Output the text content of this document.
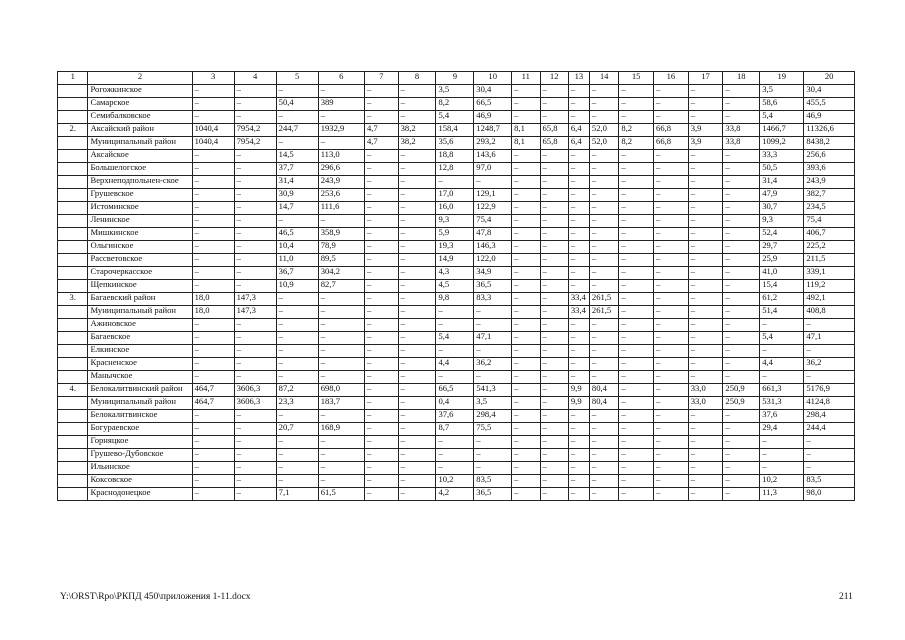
1	2	3	4	5	6	7	8	9	10	11	12	13	14	15	16	17	18	19	20
	Рогожкинское	–	–	–	–	–	–	3,5	30,4	–	–	–	–	–	–	–	–	3,5	30,4
	Самарское	–	–	50,4	389	–	–	8,2	66,5	–	–	–	–	–	–	–	–	58,6	455,5
	Семибалковское	–	–	–	–	–	–	5,4	46,9	–	–	–	–	–	–	–	–	5,4	46,9
2.	Аксайский район	1040,4	7954,2	244,7	1932,9	4,7	38,2	158,4	1248,7	8,1	65,8	6,4	52,0	8,2	66,8	3,9	33,8	1466,7	11326,6
	Муниципальный район	1040,4	7954,2	–	–	4,7	38,2	35,6	293,2	8,1	65,8	6,4	52,0	8,2	66,8	3,9	33,8	1099,2	8438,2
	Аксайское	–	–	14,5	113,0	–	–	18,8	143,6	–	–	–	–	–	–	–	–	33,3	256,6
	Большелогское	–	–	37,7	296,6	–	–	12,8	97,0	–	–	–	–	–	–	–	–	50,5	393,6
	Верхнеподпольнен-ское	–	–	31,4	243,9	–	–	–	–	–	–	–	–	–	–	–	–	31,4	243,9
	Грушевское	–	–	30,9	253,6	–	–	17,0	129,1	–	–	–	–	–	–	–	–	47,9	382,7
	Истоминское	–	–	14,7	111,6	–	–	16,0	122,9	–	–	–	–	–	–	–	–	30,7	234,5
	Ленинское	–	–	–	–	–	–	9,3	75,4	–	–	–	–	–	–	–	–	9,3	75,4
	Мишкинское	–	–	46,5	358,9	–	–	5,9	47,8	–	–	–	–	–	–	–	–	52,4	406,7
	Ольгинское	–	–	10,4	78,9	–	–	19,3	146,3	–	–	–	–	–	–	–	–	29,7	225,2
	Рассветовское	–	–	11,0	89,5	–	–	14,9	122,0	–	–	–	–	–	–	–	–	25,9	211,5
	Старочеркасское	–	–	36,7	304,2	–	–	4,3	34,9	–	–	–	–	–	–	–	–	41,0	339,1
	Щепкинское	–	–	10,9	82,7	–	–	4,5	36,5	–	–	–	–	–	–	–	–	15,4	119,2
3.	Багаевский район	18,0	147,3	–	–	–	–	9,8	83,3	–	–	33,4	261,5	–	–	–	–	61,2	492,1
	Муниципальный район	18,0	147,3	–	–	–	–	–	–	–	–	33,4	261,5	–	–	–	–	51,4	408,8
	Ажиновское	–	–	–	–	–	–	–	–	–	–	–	–	–	–	–	–	–	–
	Багаевское	–	–	–	–	–	–	5,4	47,1	–	–	–	–	–	–	–	–	5,4	47,1
	Елкинское	–	–	–	–	–	–	–	–	–	–	–	–	–	–	–	–	–	–
	Красненское	–	–	–	–	–	–	4,4	36,2	–	–	–	–	–	–	–	–	4,4	36,2
	Манычское	–	–	–	–	–	–	–	–	–	–	–	–	–	–	–	–	–	–
4.	Белокалитвинский район	464,7	3606,3	87,2	698,0	–	–	66,5	541,3	–	–	9,9	80,4	–	–	33,0	250,9	661,3	5176,9
	Муниципальный район	464,7	3606,3	23,3	183,7	–	–	0,4	3,5	–	–	9,9	80,4	–	–	33,0	250,9	531,3	4124,8
	Белокалитвинское	–	–	–	–	–	–	37,6	298,4	–	–	–	–	–	–	–	–	37,6	298,4
	Богураевское	–	–	20,7	168,9	–	–	8,7	75,5	–	–	–	–	–	–	–	–	29,4	244,4
	Горняцкое	–	–	–	–	–	–	–	–	–	–	–	–	–	–	–	–	–	–
	Грушево-Дубовское	–	–	–	–	–	–	–	–	–	–	–	–	–	–	–	–	–	–
	Ильинское	–	–	–	–	–	–	–	–	–	–	–	–	–	–	–	–	–	–
	Коксовское	–	–	–	–	–	–	10,2	83,5	–	–	–	–	–	–	–	–	10,2	83,5
	Краснодонецкое	–	–	7,1	61,5	–	–	4,2	36,5	–	–	–	–	–	–	–	–	11,3	98,0
Y:\ORST\Rpo\РКПД 450\приложения 1-11.docx	211
